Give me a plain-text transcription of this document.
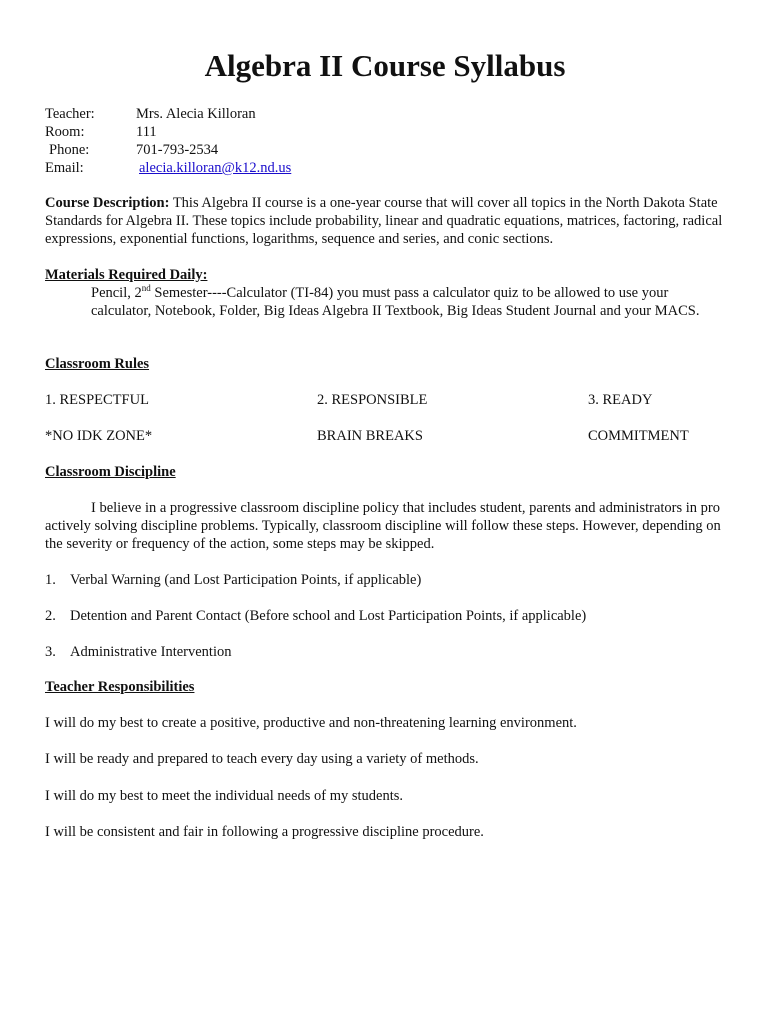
Algebra II Course Syllabus
Teacher:	Mrs. Alecia Killoran
Room:	111
Phone:	701-793-2534
Email:	alecia.killoran@k12.nd.us
Course Description: This Algebra II course is a one-year course that will cover all topics in the North Dakota State Standards for Algebra II. These topics include probability, linear and quadratic equations, matrices, factoring, radical expressions, exponential functions, logarithms, sequence and series, and conic sections.
Materials Required Daily:
Pencil, 2nd Semester----Calculator (TI-84) you must pass a calculator quiz to be allowed to use your calculator, Notebook, Folder, Big Ideas Algebra II Textbook, Big Ideas Student Journal and your MACS.
Classroom Rules
1. RESPECTFUL	2. RESPONSIBLE	3. READY
*NO IDK ZONE*	BRAIN BREAKS	COMMITMENT
Classroom Discipline
I believe in a progressive classroom discipline policy that includes student, parents and administrators in pro actively solving discipline problems. Typically, classroom discipline will follow these steps. However, depending on the severity or frequency of the action, some steps may be skipped.
1. Verbal Warning (and Lost Participation Points, if applicable)
2. Detention and Parent Contact (Before school and Lost Participation Points, if applicable)
3. Administrative Intervention
Teacher Responsibilities
I will do my best to create a positive, productive and non-threatening learning environment.
I will be ready and prepared to teach every day using a variety of methods.
I will do my best to meet the individual needs of my students.
I will be consistent and fair in following a progressive discipline procedure.
